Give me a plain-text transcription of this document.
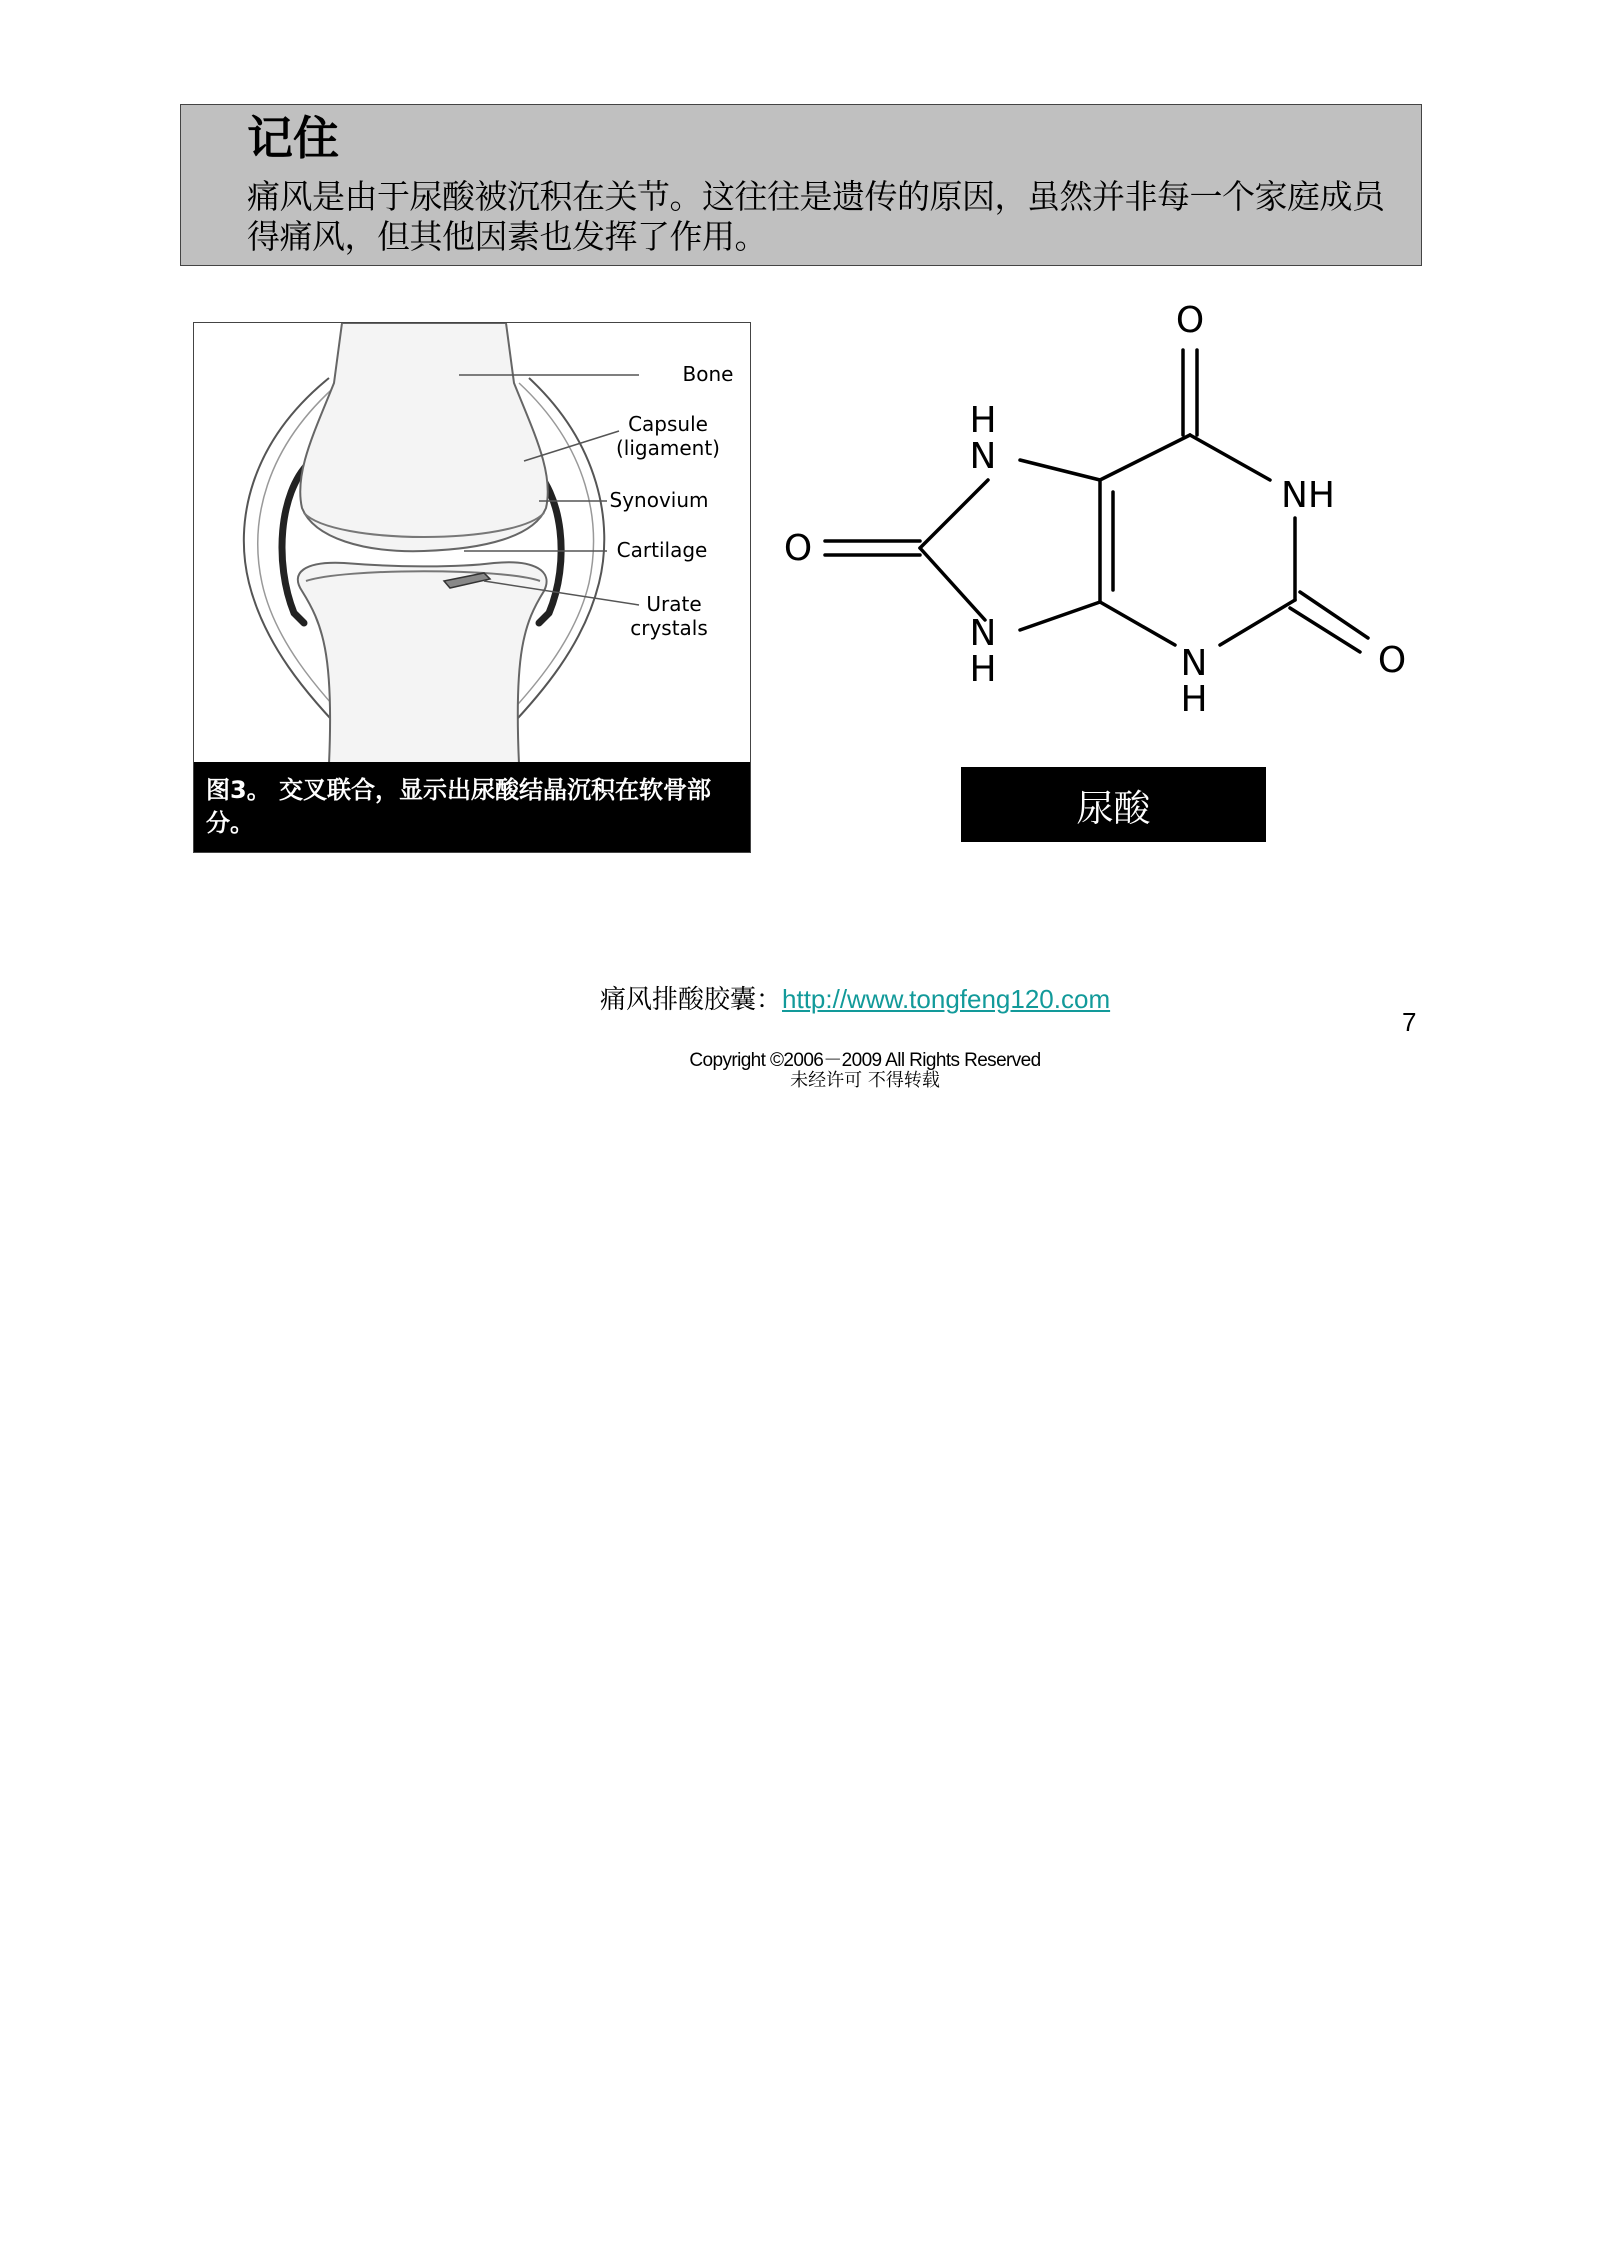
记住

痛风是由于尿酸被沉积在关节。这往往是遗传的原因，虽然并非每一个家庭成员得痛风，但其他因素也发挥了作用。

Bone
Capsule
(ligament)
Synovium
Cartilage
Urate
crystals
图3。 交叉联合，显示出尿酸结晶沉积在软骨部分。
O
NH
O
O
H
N
N
H	N
H
尿酸
痛风排酸胶囊：http://www.tongfeng120.com
7
Copyright ©2006－2009 All Rights Reserved
未经许可 不得转载
